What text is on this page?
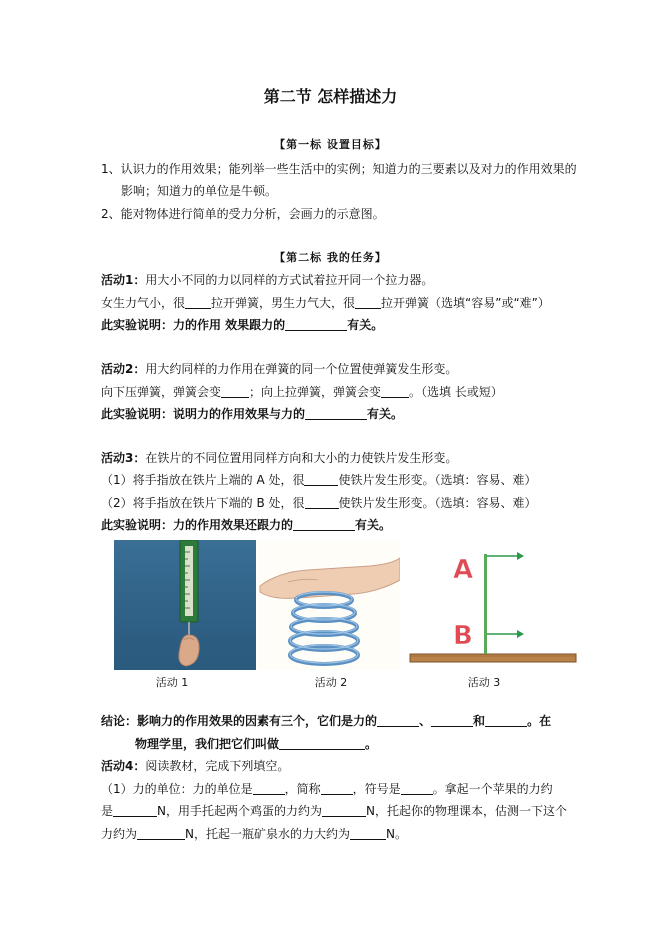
第二节 怎样描述力
【第一标 设置目标】
1、认识力的作用效果；能列举一些生活中的实例；知道力的三要素以及对力的作用效果的
影响；知道力的单位是牛顿。
2、能对物体进行简单的受力分析，会画力的示意图。
【第二标 我的任务】
活动1：用大小不同的力以同样的方式试着拉开同一个拉力器。
女生力气小，很 拉开弹簧，男生力气大，很 拉开弹簧（选填“容易”或“难”）
此实验说明：力的作用 效果跟力的	有关。
活动2：用大约同样的力作用在弹簧的同一个位置使弹簧发生形变。
向下压弹簧，弹簧会变 ；向上拉弹簧，弹簧会变 。（选填 长或短）
此实验说明：说明力的作用效果与力的	有关。
活动3：在铁片的不同位置用同样方向和大小的力使铁片发生形变。
（1）将手指放在铁片上端的 A 处，很	使铁片发生形变。（选填：容易、难）
（2）将手指放在铁片下端的 B 处，很	使铁片发生形变。（选填：容易、难）
此实验说明：力的作用效果还跟力的	有关。
A
B
活动 1	活动 2	活动 3
结论：影响力的作用效果的因素有三个，它们是力的	、	和	。在
物理学里，我们把它们叫做	。
活动4：阅读教材，完成下列填空。
（1）力的单位：力的单位是	，简称	，符号是	。拿起一个苹果的力约
是	N，用手托起两个鸡蛋的力约为	N，托起你的物理课本，估测一下这个
力约为	N，托起一瓶矿泉水的力大约为	N。
